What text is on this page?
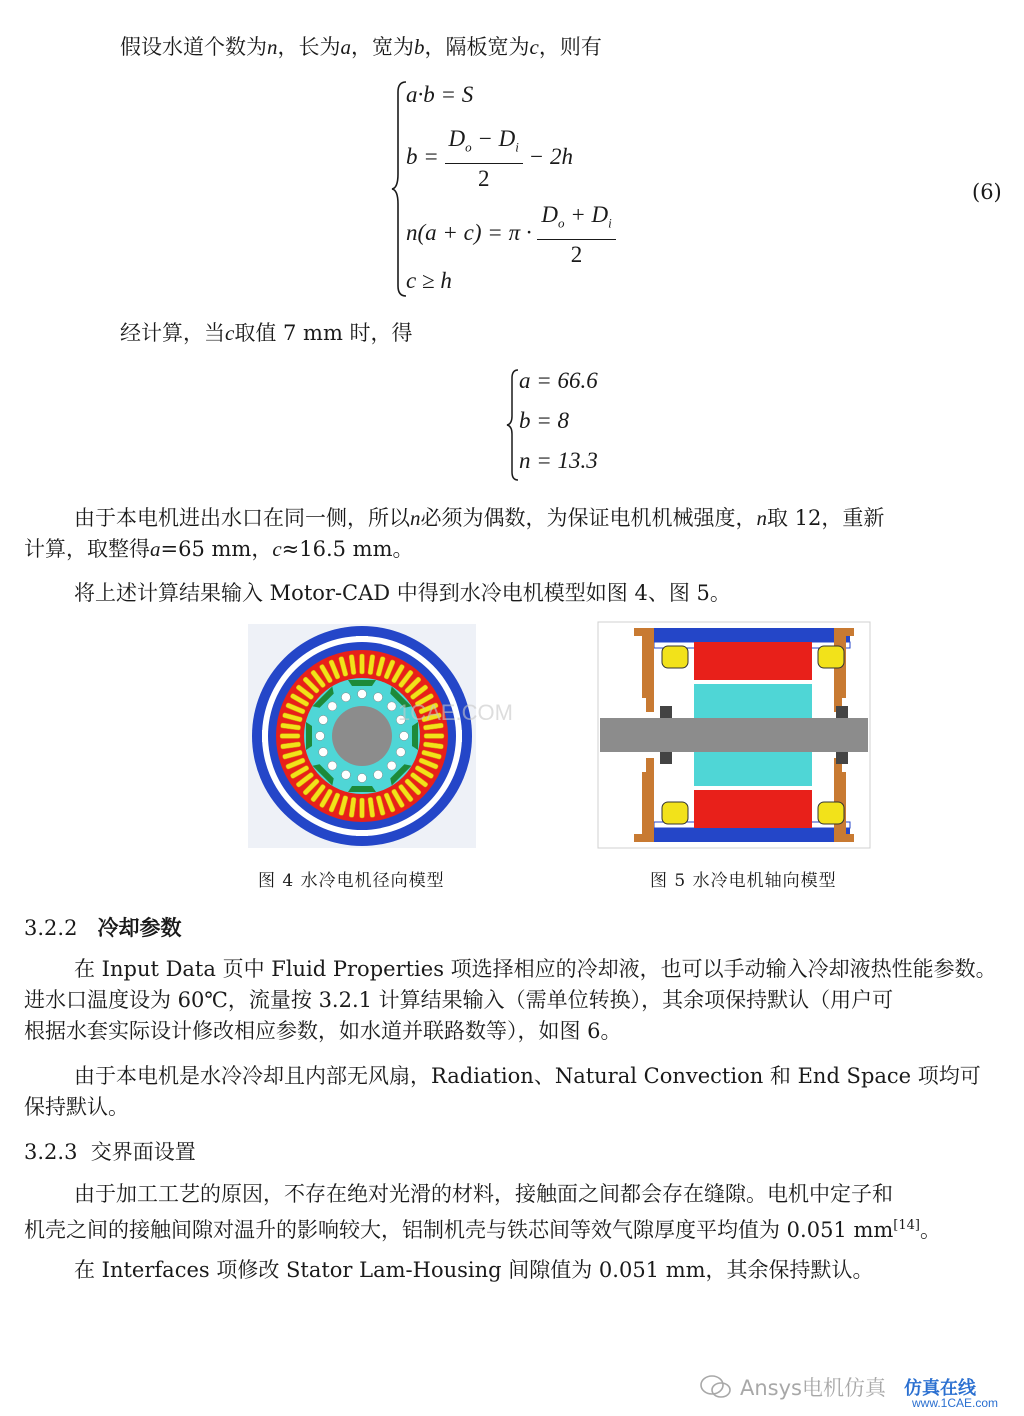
假设水道个数为n，长为a，宽为b，隔板宽为c，则有
a·b = S
$b = \frac{D_o - D_i}{2} - 2h$
$n(a + c) = \pi \cdot \frac{D_o + D_i}{2}$
c ≥ h
(6)
经计算，当c取值 7 mm 时，得
a = 66.6
b = 8
n = 13.3
由于本电机进出水口在同一侧，所以n必须为偶数，为保证电机机械强度，n取 12，重新
计算，取整得a=65 mm，c≈16.5 mm。
将上述计算结果输入 Motor-CAD 中得到水冷电机模型如图 4、图 5。
1CAE.COM
图 4 水冷电机径向模型	图 5 水冷电机轴向模型
3.2.2 冷却参数
在 Input Data 页中 Fluid Properties 项选择相应的冷却液，也可以手动输入冷却液热性能参数。
进水口温度设为 60℃，流量按 3.2.1 计算结果输入（需单位转换），其余项保持默认（用户可
根据水套实际设计修改相应参数，如水道并联路数等），如图 6。
由于本电机是水冷冷却且内部无风扇，Radiation、Natural Convection 和 End Space 项均可
保持默认。
3.2.3 交界面设置
由于加工工艺的原因，不存在绝对光滑的材料，接触面之间都会存在缝隙。电机中定子和
机壳之间的接触间隙对温升的影响较大，铝制机壳与铁芯间等效气隙厚度平均值为 0.051 mm[14]。
在 Interfaces 项修改 Stator Lam-Housing 间隙值为 0.051 mm，其余保持默认。
Ansys电机仿真 仿真在线
www.1CAE.com
